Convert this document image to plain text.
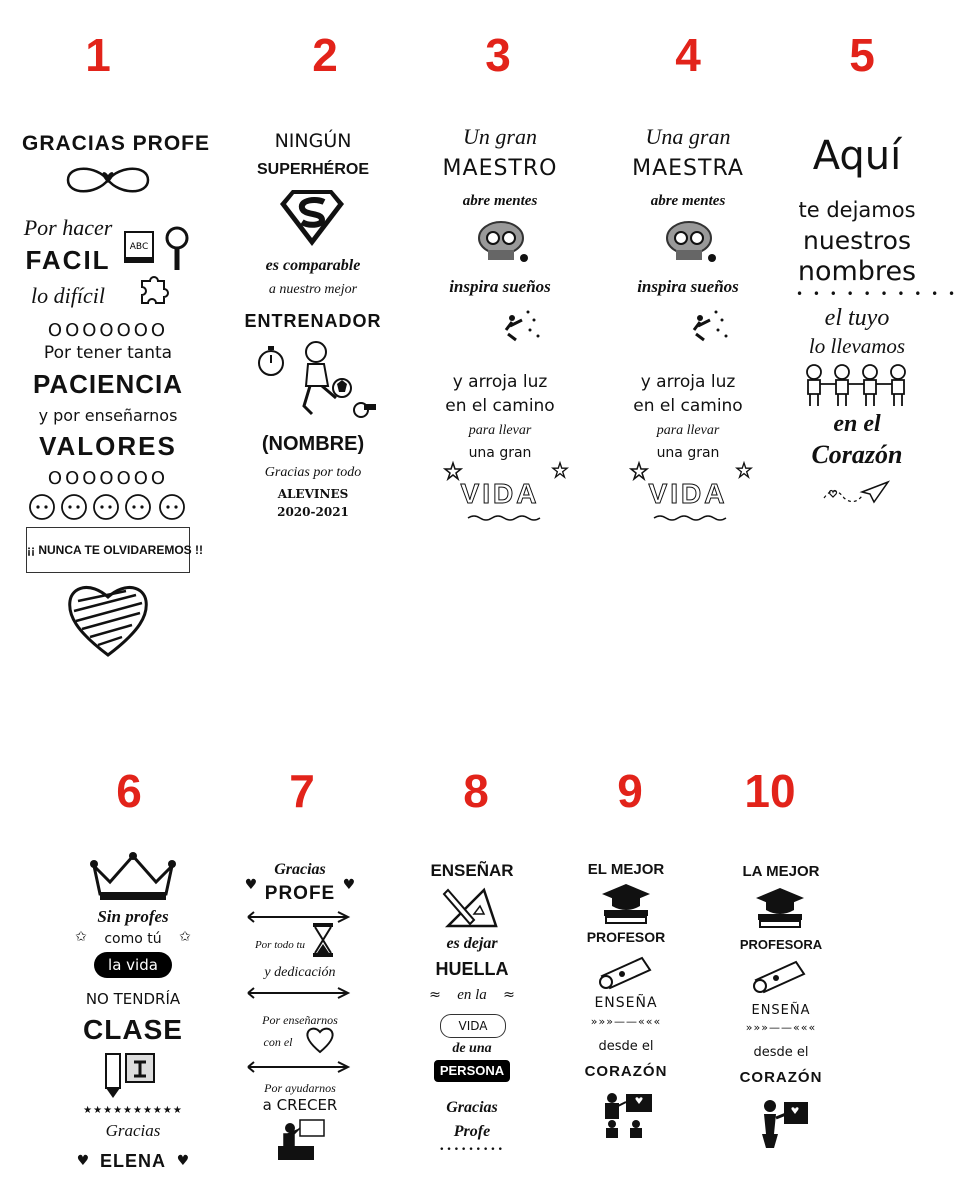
1	2	3	4	5
6	7	8	9	10
GRACIAS PROFE
Por hacer
FACIL
lo difícil
ABC
OOOOOOO
Por tener tanta
PACIENCIA
y por enseñarnos
VALORES
OOOOOOO
¡¡ NUNCA TE OLVIDAREMOS !!
NINGÚN
SUPERHÉROE
es comparable
a nuestro mejor
ENTRENADOR
(NOMBRE)
Gracias por todo
ALEVINES
2020-2021
Un gran
MAESTRO
abre mentes
inspira sueños
y arroja luz
en el camino
para llevar
una gran
VIDA
Una gran
MAESTRA
abre mentes
inspira sueños
y arroja luz
en el camino
para llevar
una gran
VIDA
Aquí
te dejamos
nuestros
nombres
• • • • • • • • • •
el tuyo
lo llevamos
en el
Corazón
Sin profes
como tú
✩	✩
la vida
NO TENDRÍA
CLASE
★★★★★★★★★★
Gracias
♥ ELENA ♥
♥
Gracias
♥
PROFE
Por todo tu
y dedicación
Por enseñarnos
con el
Por ayudarnos
a CRECER
ENSEÑAR
es dejar
HUELLA
en la
≈	≈
VIDA
de una
PERSONA
Gracias
Profe
•••••••••
EL MEJOR
PROFESOR
ENSEÑA
»»»——«««
desde el
CORAZÓN
LA MEJOR
PROFESORA
ENSEÑA
»»»——«««
desde el
CORAZÓN
